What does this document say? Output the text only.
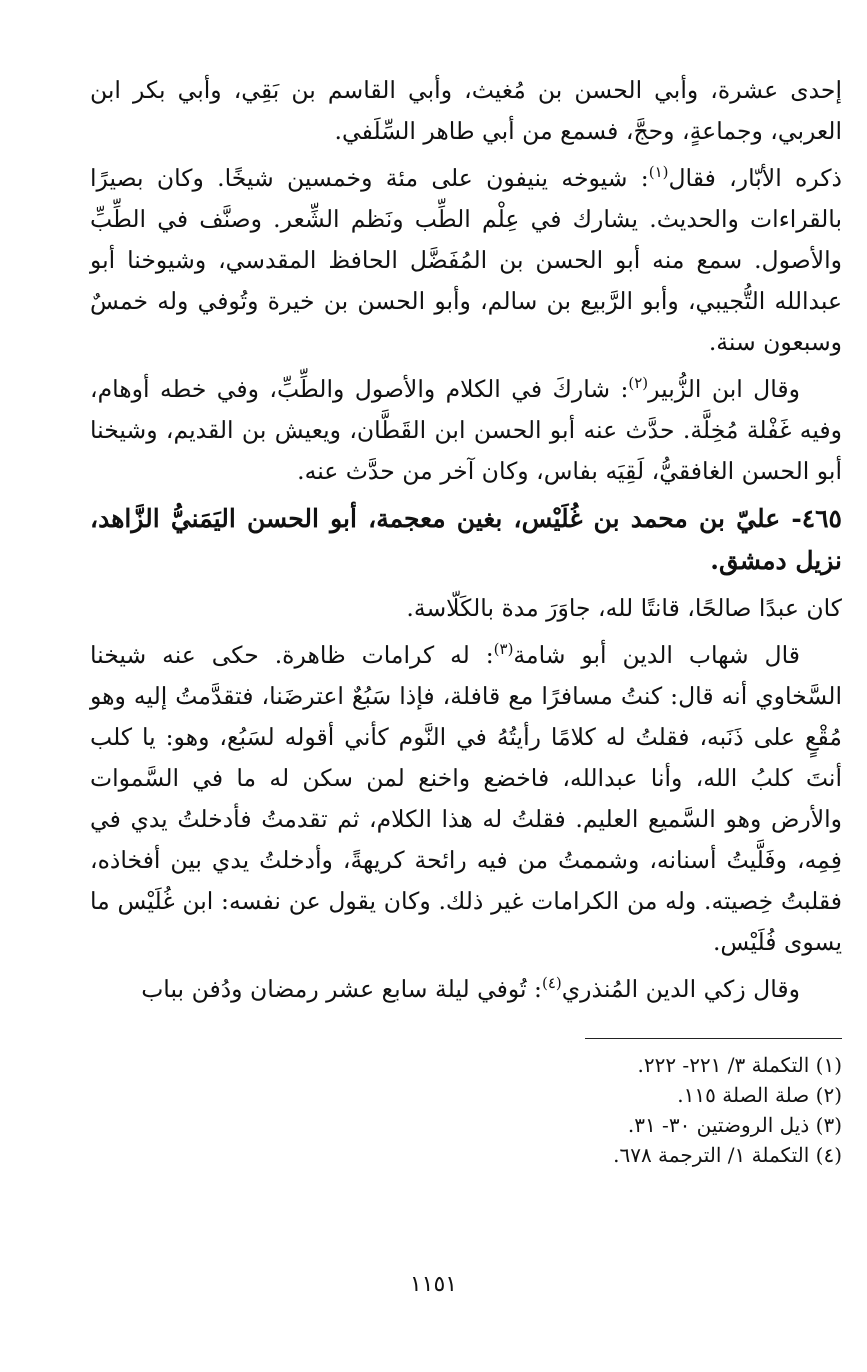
إحدى عشرة، وأبي الحسن بن مُغيث، وأبي القاسم بن بَقِي، وأبي بكر ابن العربي، وجماعةٍ، وحجَّ، فسمع من أبي طاهر السِّلَفي.

ذكره الأبّار، فقال$^{(١)}$: شيوخه ينيفون على مئة وخمسين شيخًا. وكان بصيرًا بالقراءات والحديث. يشارك في عِلْم الطِّب ونَظم الشِّعر. وصنَّف في الطِّبِّ والأصول. سمع منه أبو الحسن بن المُفَضَّل الحافظ المقدسي، وشيوخنا أبو عبدالله التُّجيبي، وأبو الرَّبيع بن سالم، وأبو الحسن بن خيرة وتُوفي وله خمسٌ وسبعون سنة.

وقال ابن الزُّبير$^{(٢)}$: شاركَ في الكلام والأصول والطِّبِّ، وفي خطه أوهام، وفيه غَفْلة مُخِلَّة. حدَّث عنه أبو الحسن ابن القَطَّان، ويعيش بن القديم، وشيخنا أبو الحسن الغافقيُّ، لَقِيَه بفاس، وكان آخر من حدَّث عنه.

٤٦٥- عليّ بن محمد بن غُلَيْس، بغين معجمة، أبو الحسن اليَمَنيُّ الزَّاهد، نزيل دمشق.

كان عبدًا صالحًا، قانتًا لله، جاوَرَ مدة بالكَلّاسة.

قال شهاب الدين أبو شامة$^{(٣)}$: له كرامات ظاهرة. حكى عنه شيخنا السَّخاوي أنه قال: كنتُ مسافرًا مع قافلة، فإذا سَبُعٌ اعترضَنا، فتقدَّمتُ إليه وهو مُقْعٍ على ذَنَبه، فقلتُ له كلامًا رأيتُهُ في النَّوم كأني أقوله لسَبُع، وهو: يا كلب أنتَ كلبُ الله، وأنا عبدالله، فاخضع واخنع لمن سكن له ما في السَّموات والأرض وهو السَّميع العليم. فقلتُ له هذا الكلام، ثم تقدمتُ فأدخلتُ يدي في فِمِه، وفَلَّيتُ أسنانه، وشممتُ من فيه رائحة كريهةً، وأدخلتُ يدي بين أفخاذه، فقلبتُ خِصيته. وله من الكرامات غير ذلك. وكان يقول عن نفسه: ابن غُلَيْس ما يسوى فُلَيْس.

وقال زكي الدين المُنذري$^{(٤)}$: تُوفي ليلة سابع عشر رمضان ودُفن بباب

(١) التكملة ٣/ ٢٢١- ٢٢٢.
(٢) صلة الصلة ١١٥.
(٣) ذيل الروضتين ٣٠- ٣١.
(٤) التكملة ١/ الترجمة ٦٧٨.
١١٥١
